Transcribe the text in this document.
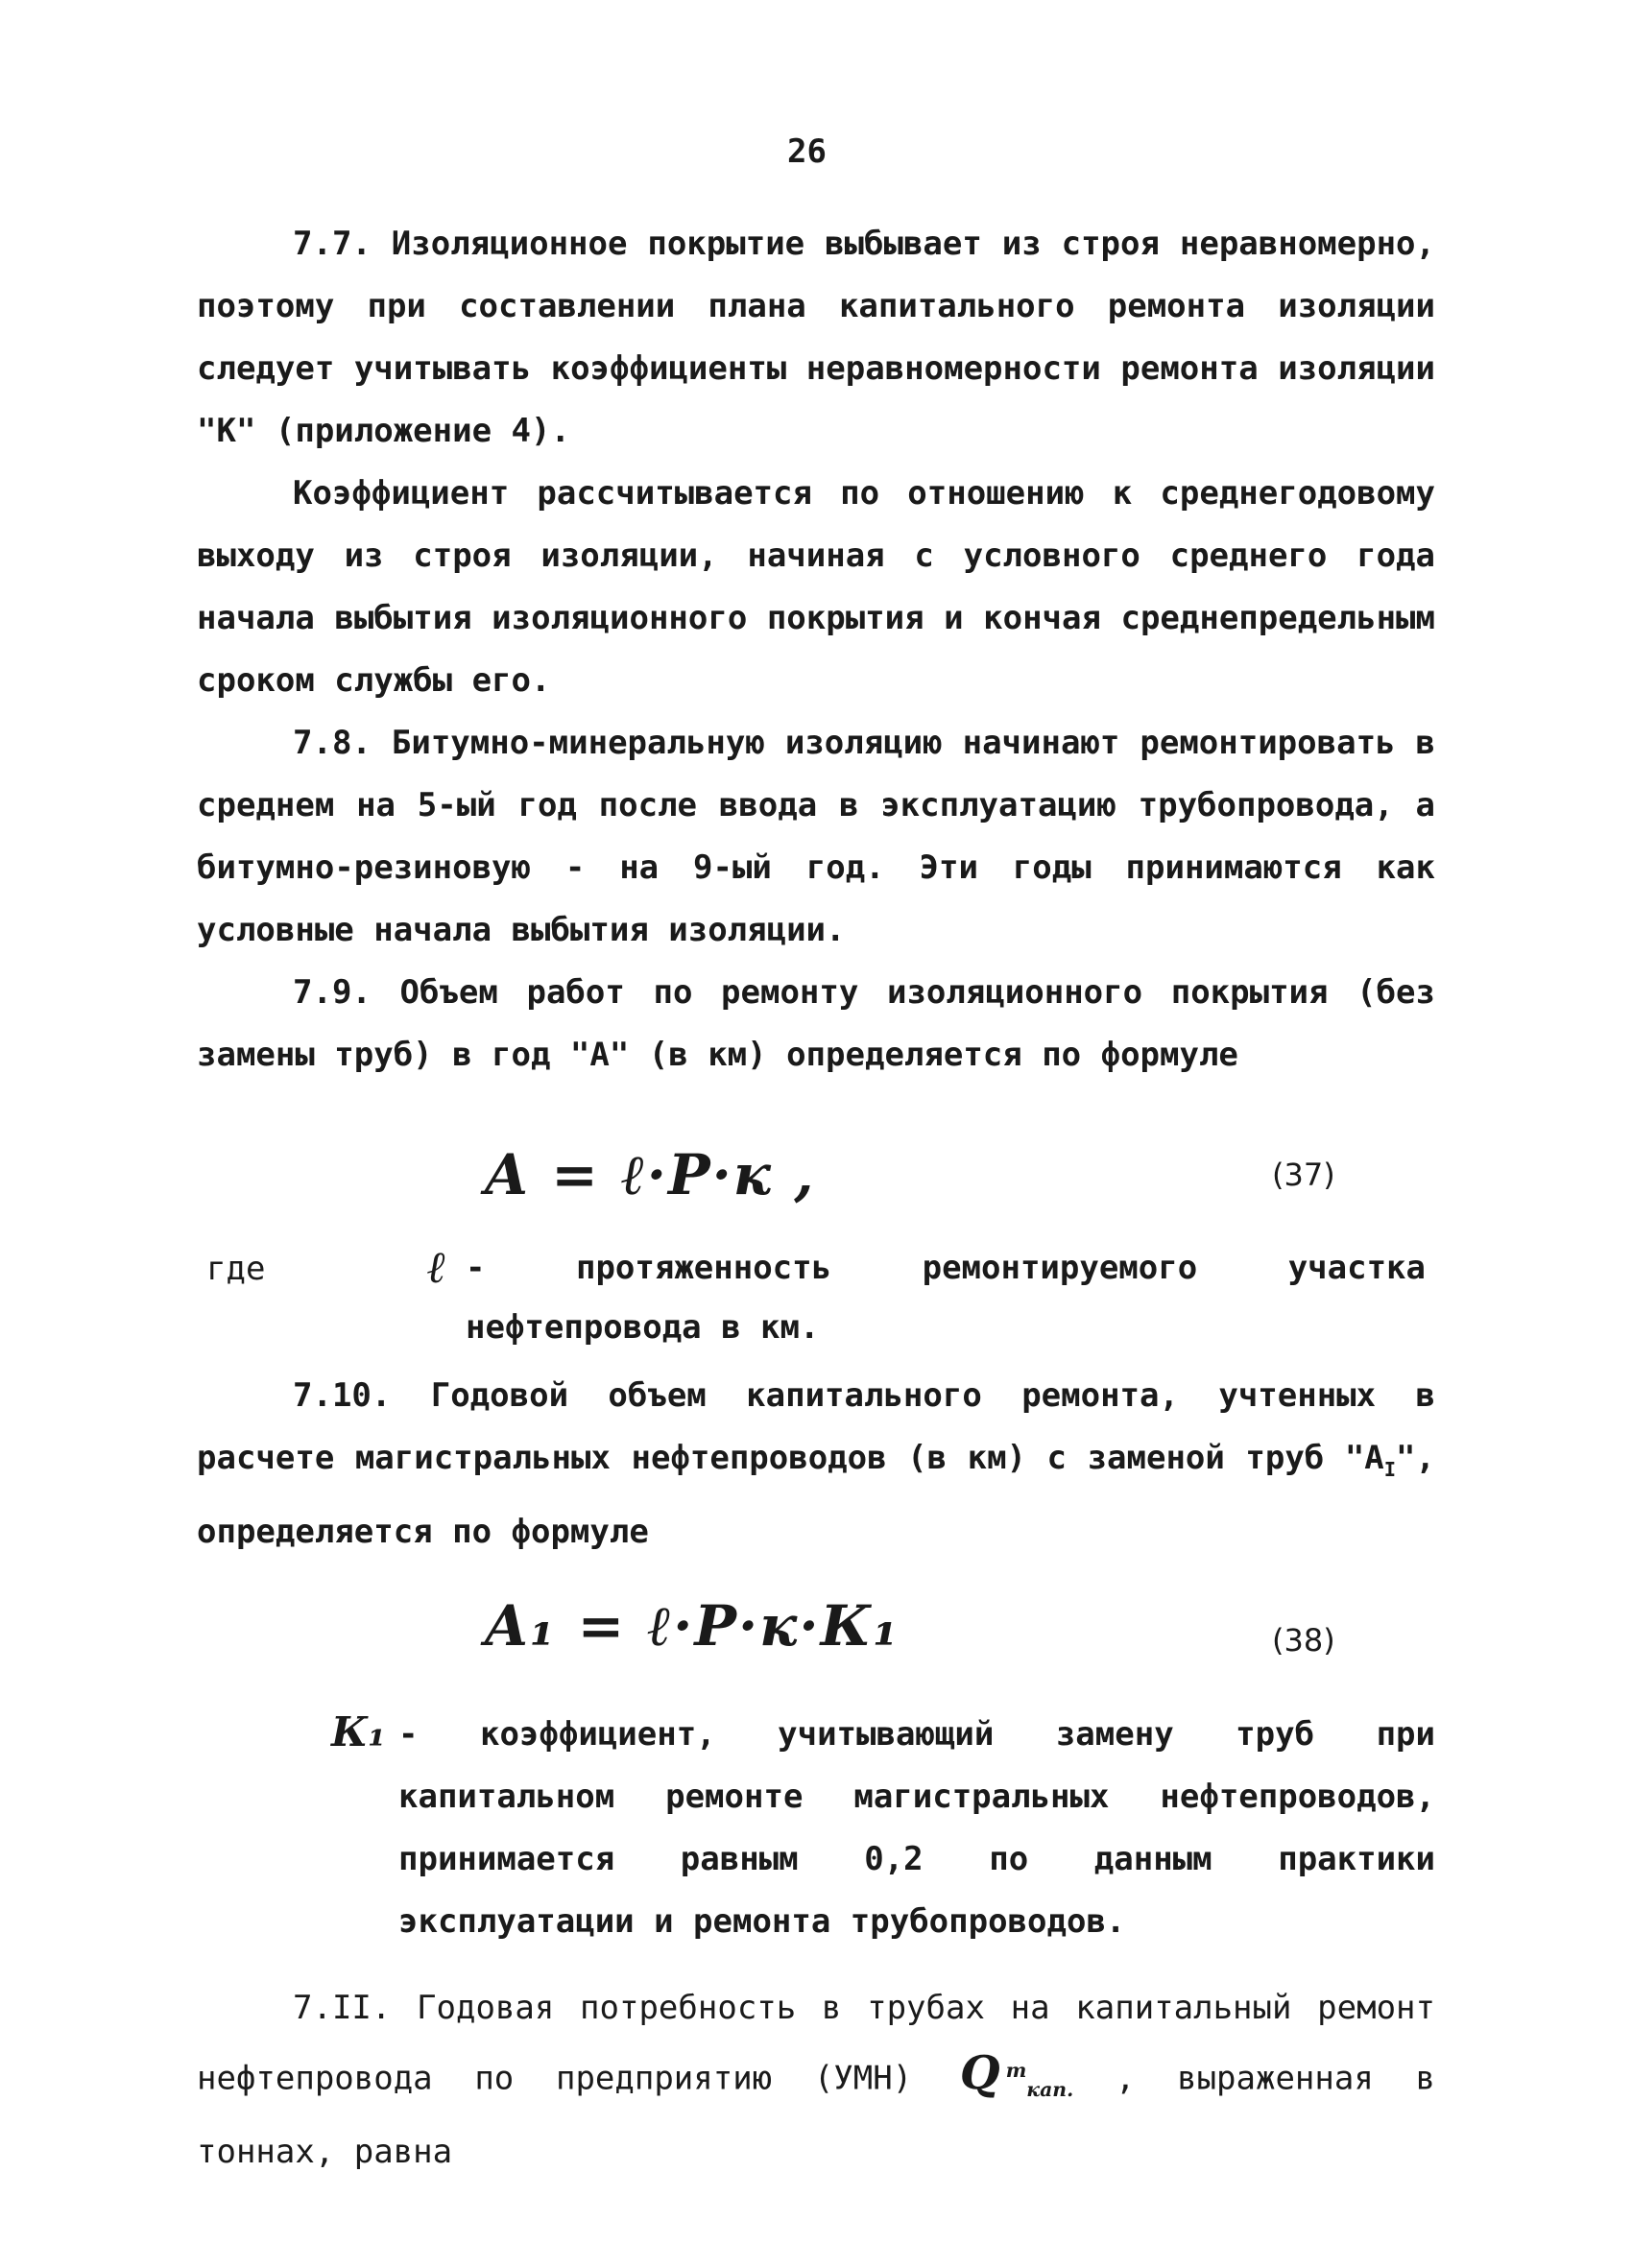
26
7.7. Изоляционное покрытие выбывает из строя неравномерно, поэтому при составлении плана капитального ремонта изоляции следует учитывать коэффициенты неравномерности ремонта изоляции "К" (приложение 4).
Коэффициент рассчитывается по отношению к среднегодовому выходу из строя изоляции, начиная с условного среднего года начала выбытия изоляционного покрытия и кончая среднепредельным сроком службы его.
7.8. Битумно-минеральную изоляцию начинают ремонтировать в среднем на 5-ый год после ввода в эксплуатацию трубопровода, а битумно-резиновую - на 9-ый год. Эти годы принимаются как условные начала выбытия изоляции.
7.9. Объем работ по ремонту изоляционного покрытия (без замены труб) в год "А" (в км) определяется по формуле
A = ℓ·P·к ,	(37)
где	ℓ - протяженность ремонтируемого участка нефтепровода в км.
7.10. Годовой объем капитального ремонта, учтенных в расчете магистральных нефтепроводов (в км) с заменой труб "$А_I$", определяется по формуле
A₁ = ℓ·P·к·К₁	(38)
К₁ - коэффициент, учитывающий замену труб при капитальном ремонте магистральных нефтепроводов, принимается равным 0,2 по данным практики эксплуатации и ремонта трубопроводов.
7.II. Годовая потребность в трубах на капитальный ремонт нефтепровода по предприятию (УМН) Q $^т_{кап.}$ , выраженная в тоннах, равна
